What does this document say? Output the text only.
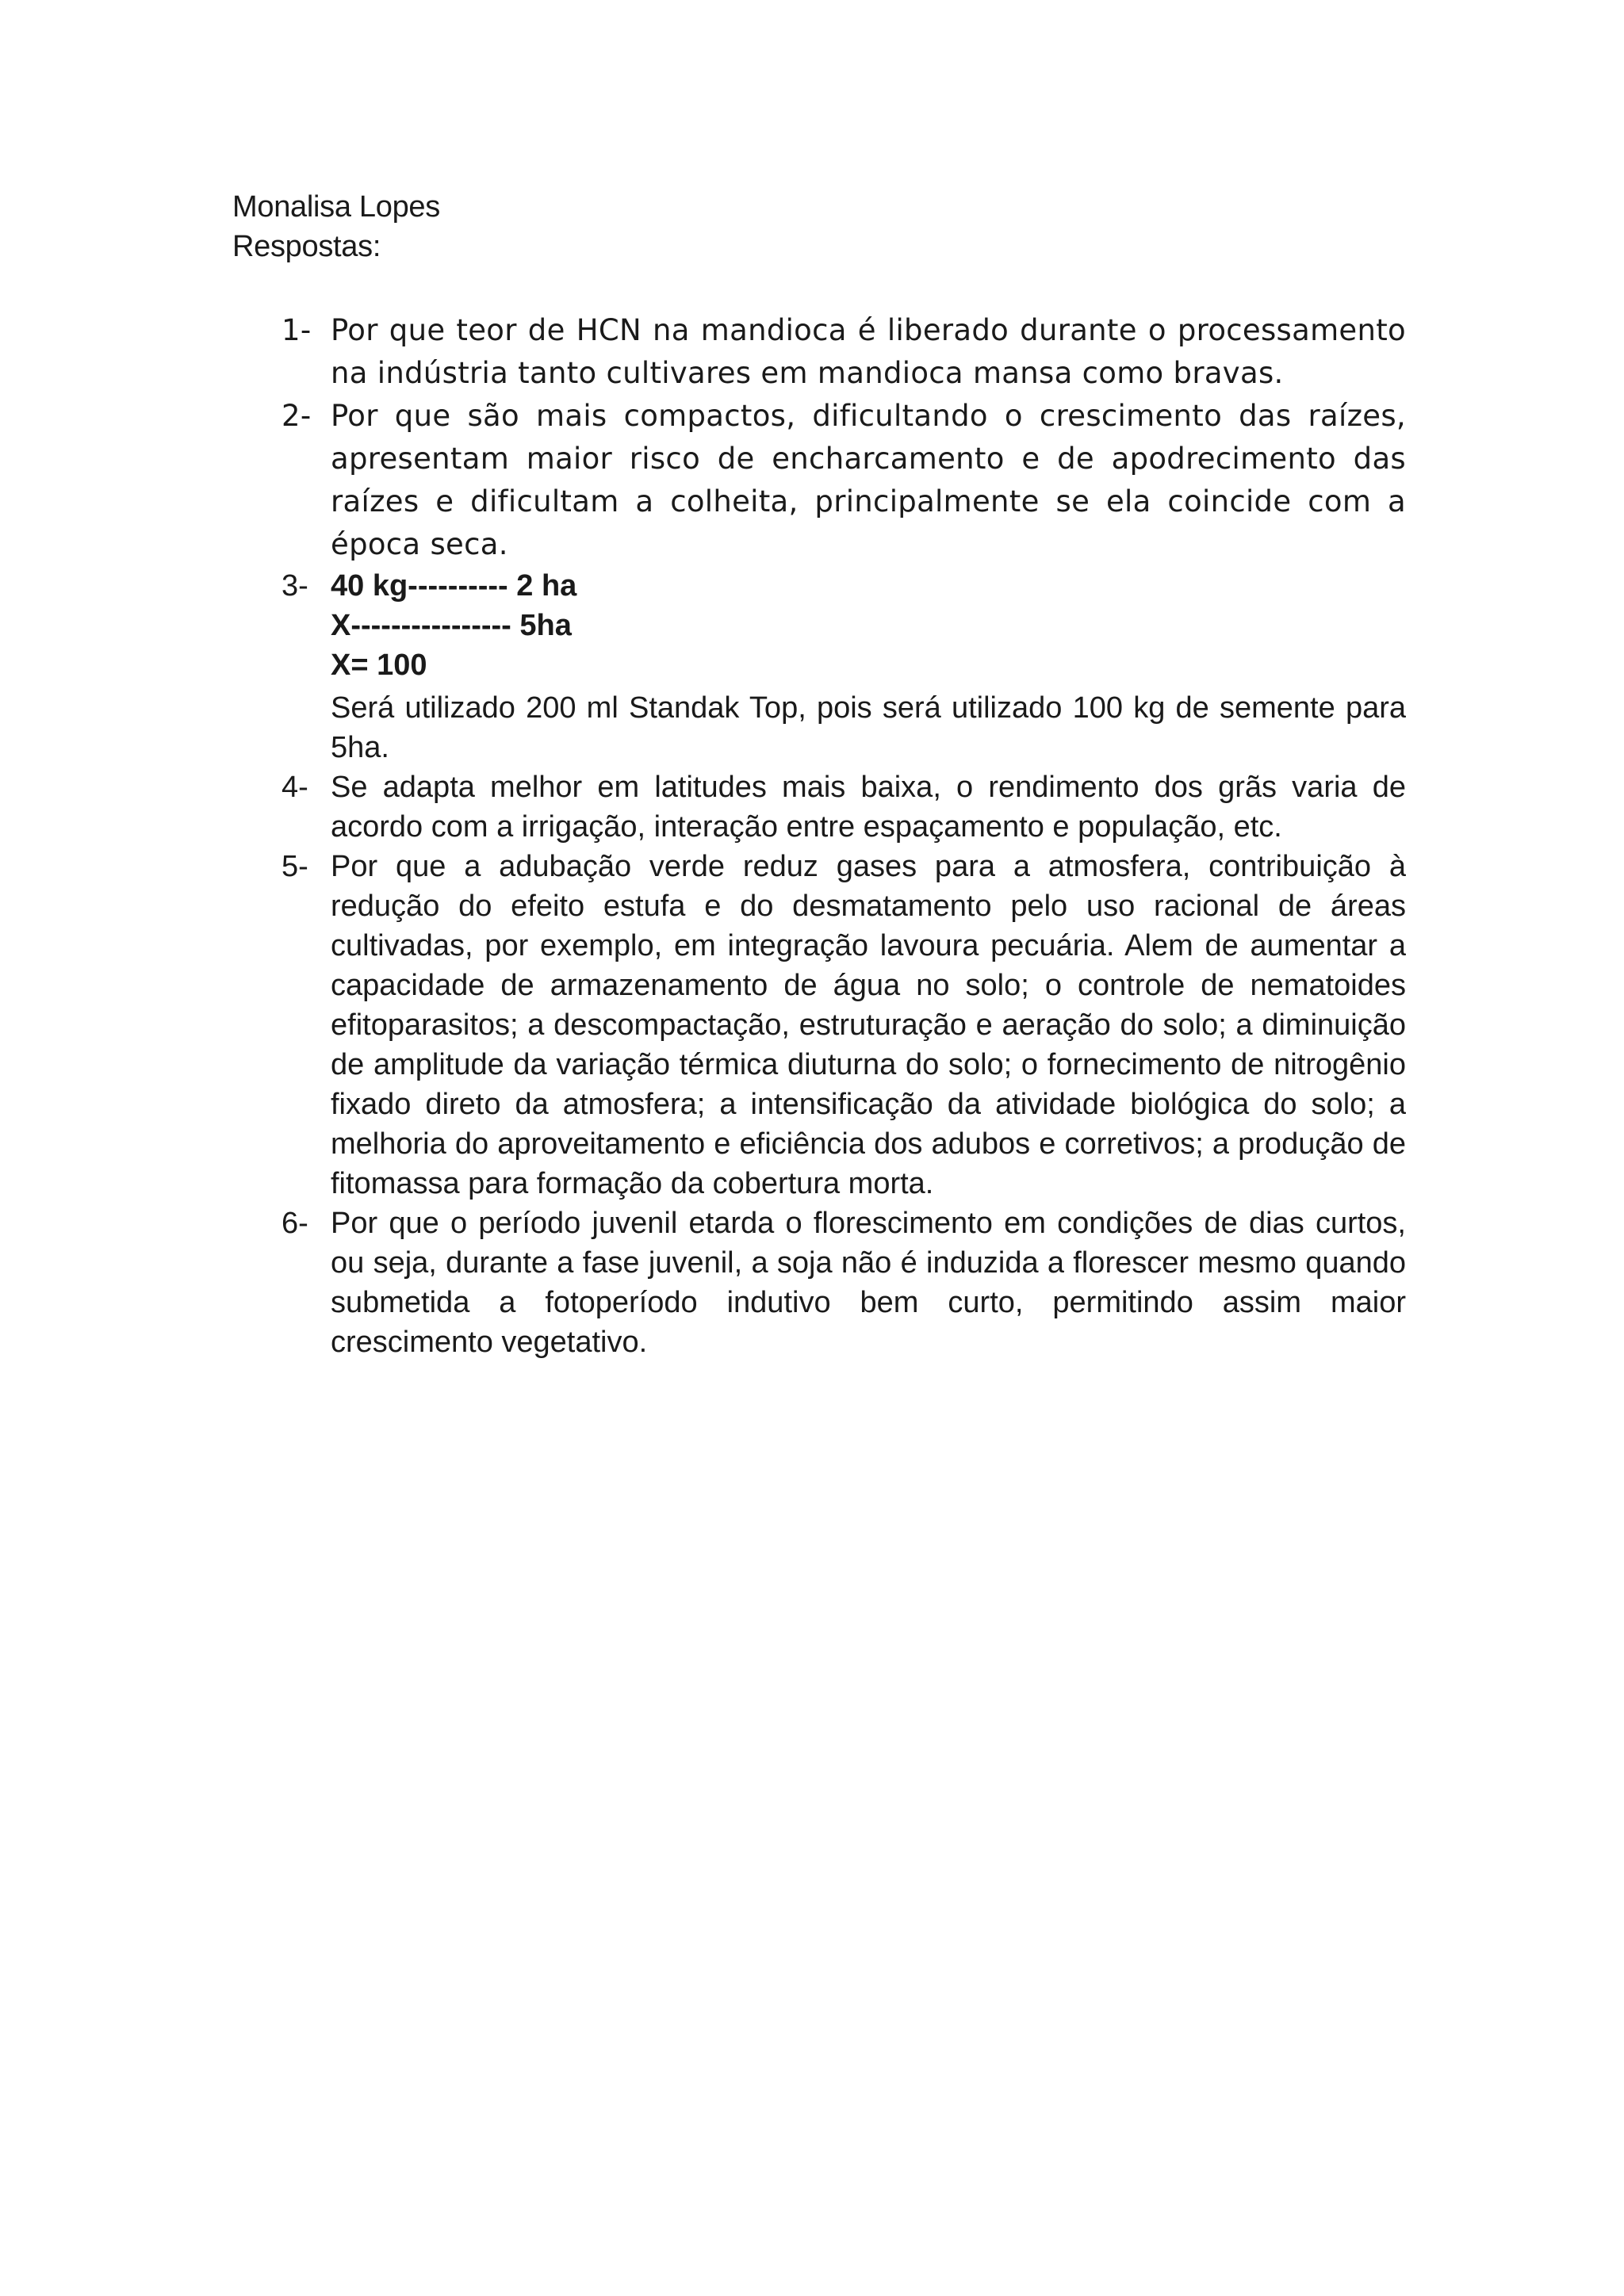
Monalisa Lopes

Respostas:

1- Por que teor de HCN na mandioca é liberado durante o processamento na indústria tanto cultivares em mandioca mansa como bravas.

2- Por que são mais compactos, dificultando o crescimento das raízes, apresentam maior risco de encharcamento e de apodrecimento das raízes e dificultam a colheita, principalmente se ela coincide com a época seca.

3- 40 kg---------- 2 ha

X---------------- 5ha

X= 100

Será utilizado 200 ml Standak Top, pois será utilizado 100 kg de semente para 5ha.

4- Se adapta melhor em latitudes mais baixa, o rendimento dos grãs varia de acordo com a irrigação, interação entre espaçamento e população, etc.

5- Por que a adubação verde reduz gases para a atmosfera, contribuição à redução do efeito estufa e do desmatamento pelo uso racional de áreas cultivadas, por exemplo, em integração lavoura pecuária. Alem de aumentar a capacidade de armazenamento de água no solo; o controle de nematoides efitoparasitos; a descompactação, estruturação e aeração do solo; a diminuição de amplitude da variação térmica diuturna do solo; o fornecimento de nitrogênio fixado direto da atmosfera; a intensificação da atividade biológica do solo; a melhoria do aproveitamento e eficiência dos adubos e corretivos; a produção de fitomassa para formação da cobertura morta.

6- Por que o período juvenil etarda o florescimento em condições de dias curtos, ou seja, durante a fase juvenil, a soja não é induzida a florescer mesmo quando submetida a fotoperíodo indutivo bem curto, permitindo assim maior crescimento vegetativo.
